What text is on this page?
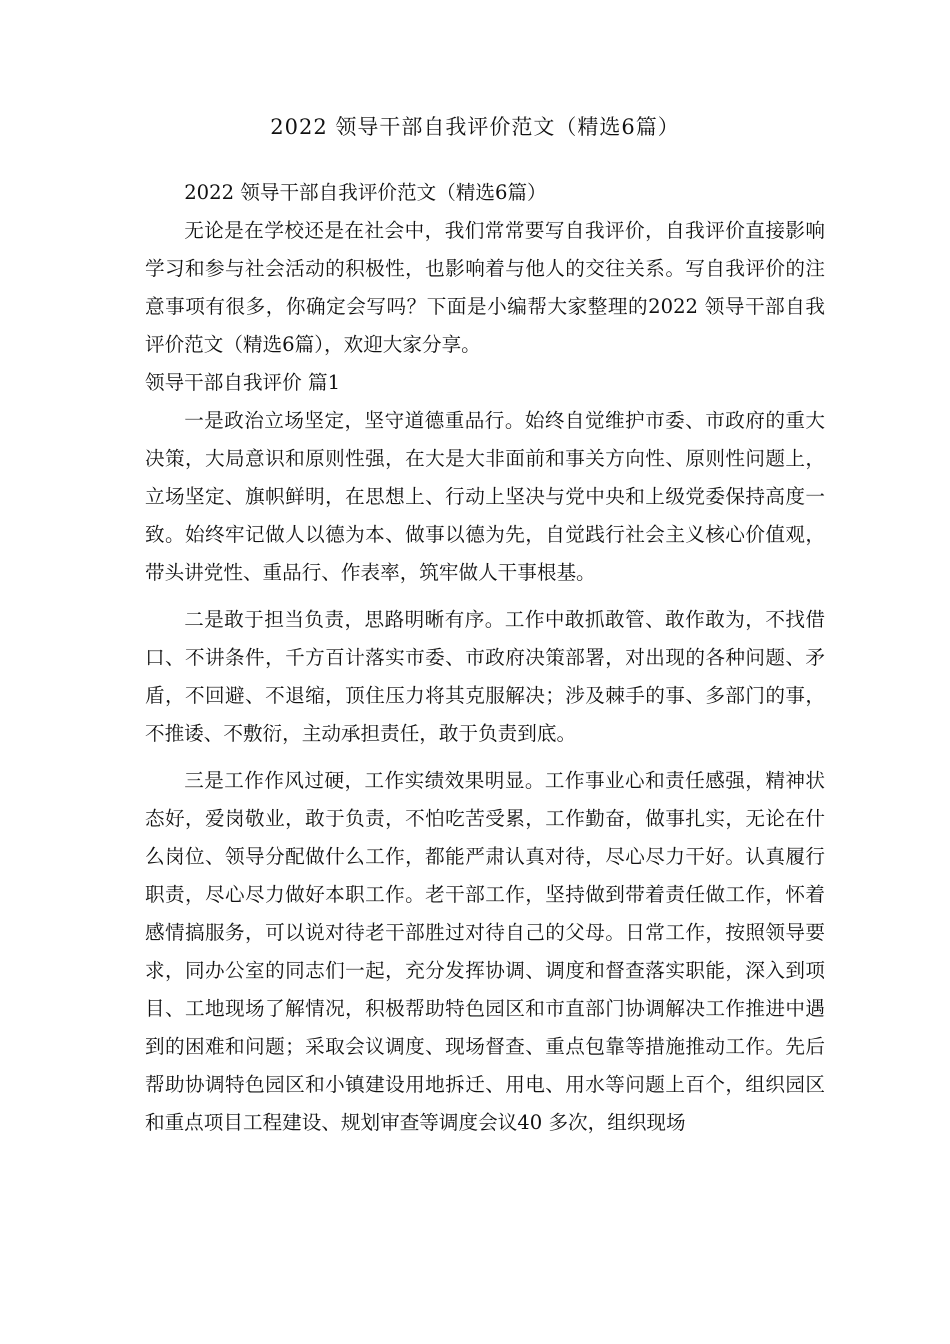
2022 领导干部自我评价范文（精选6篇）

2022 领导干部自我评价范文（精选6篇）

无论是在学校还是在社会中，我们常常要写自我评价，自我评价直接影响学习和参与社会活动的积极性，也影响着与他人的交往关系。写自我评价的注意事项有很多，你确定会写吗？下面是小编帮大家整理的2022 领导干部自我评价范文（精选6篇），欢迎大家分享。

领导干部自我评价 篇1

一是政治立场坚定，坚守道德重品行。始终自觉维护市委、市政府的重大决策，大局意识和原则性强，在大是大非面前和事关方向性、原则性问题上，立场坚定、旗帜鲜明，在思想上、行动上坚决与党中央和上级党委保持高度一致。始终牢记做人以德为本、做事以德为先，自觉践行社会主义核心价值观，带头讲党性、重品行、作表率，筑牢做人干事根基。

二是敢于担当负责，思路明晰有序。工作中敢抓敢管、敢作敢为，不找借口、不讲条件，千方百计落实市委、市政府决策部署，对出现的各种问题、矛盾，不回避、不退缩，顶住压力将其克服解决；涉及棘手的事、多部门的事，不推诿、不敷衍，主动承担责任，敢于负责到底。

三是工作作风过硬，工作实绩效果明显。工作事业心和责任感强，精神状态好，爱岗敬业，敢于负责，不怕吃苦受累，工作勤奋，做事扎实，无论在什么岗位、领导分配做什么工作，都能严肃认真对待，尽心尽力干好。认真履行职责，尽心尽力做好本职工作。老干部工作，坚持做到带着责任做工作，怀着感情搞服务，可以说对待老干部胜过对待自己的父母。日常工作，按照领导要求，同办公室的同志们一起，充分发挥协调、调度和督查落实职能，深入到项目、工地现场了解情况，积极帮助特色园区和市直部门协调解决工作推进中遇到的困难和问题；采取会议调度、现场督查、重点包靠等措施推动工作。先后帮助协调特色园区和小镇建设用地拆迁、用电、用水等问题上百个，组织园区和重点项目工程建设、规划审查等调度会议40 多次，组织现场
